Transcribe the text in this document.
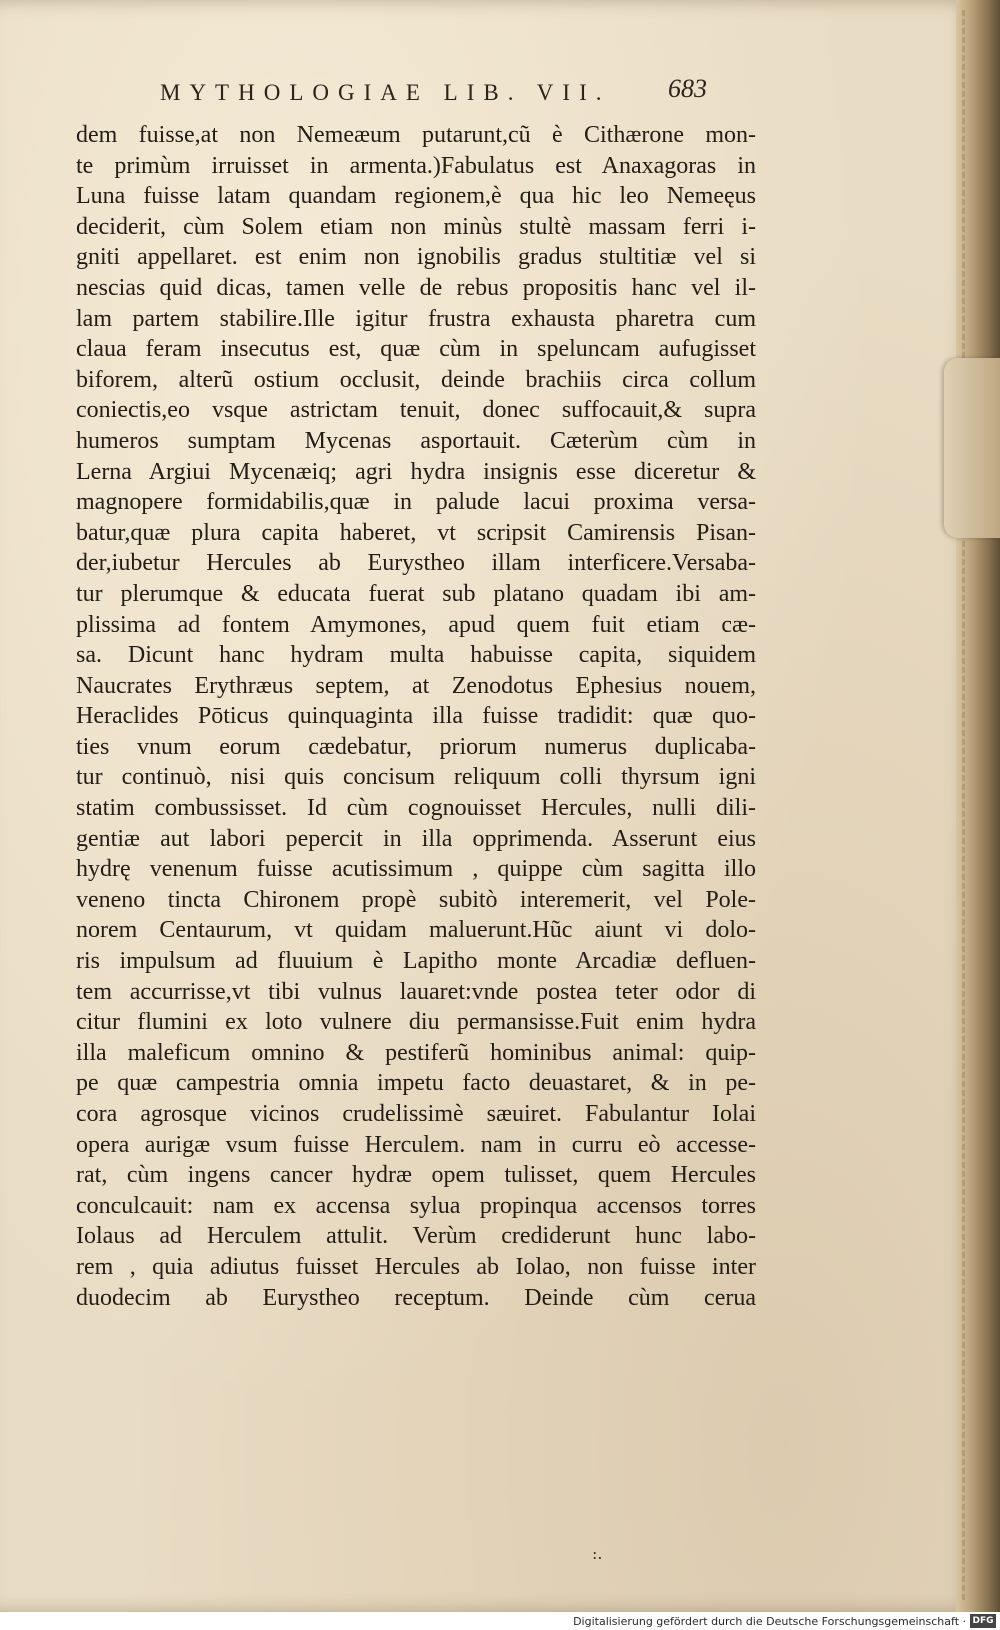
MYTHOLOGIAE LIB. VII. 683
dem fuisse,at non Nemeæum putarunt,cũ è Cithærone mon-
te primùm irruisset in armenta.)Fabulatus est Anaxagoras in
Luna fuisse latam quandam regionem,è qua hic leo Nemeęus
deciderit, cùm Solem etiam non minùs stultè massam ferri i-
gniti appellaret. est enim non ignobilis gradus stultitiæ vel si
nescias quid dicas, tamen velle de rebus propositis hanc vel il-
lam partem stabilire.Ille igitur frustra exhausta pharetra cum
claua feram insecutus est, quæ cùm in speluncam aufugisset
biforem, alterũ ostium occlusit, deinde brachiis circa collum
coniectis,eo vsque astrictam tenuit, donec suffocauit,& supra
humeros sumptam Mycenas asportauit. Cæterùm cùm in
Lerna Argiui Mycenæiq; agri hydra insignis esse diceretur &
magnopere formidabilis,quæ in palude lacui proxima versa-
batur,quæ plura capita haberet, vt scripsit Camirensis Pisan-
der,iubetur Hercules ab Eurystheo illam interficere.Versaba-
tur plerumque & educata fuerat sub platano quadam ibi am-
plissima ad fontem Amymones, apud quem fuit etiam cæ-
sa. Dicunt hanc hydram multa habuisse capita, siquidem
Naucrates Erythræus septem, at Zenodotus Ephesius nouem,
Heraclides Pōticus quinquaginta illa fuisse tradidit: quæ quo-
ties vnum eorum cædebatur, priorum numerus duplicaba-
tur continuò, nisi quis concisum reliquum colli thyrsum igni
statim combussisset. Id cùm cognouisset Hercules, nulli dili-
gentiæ aut labori pepercit in illa opprimenda. Asserunt eius
hydrę venenum fuisse acutissimum , quippe cùm sagitta illo
veneno tincta Chironem propè subitò interemerit, vel Pole-
norem Centaurum, vt quidam maluerunt.Hũc aiunt vi dolo-
ris impulsum ad fluuium è Lapitho monte Arcadiæ defluen-
tem accurrisse,vt tibi vulnus lauaret:vnde postea teter odor di
citur flumini ex loto vulnere diu permansisse.Fuit enim hydra
illa maleficum omnino & pestiferũ hominibus animal: quip-
pe quæ campestria omnia impetu facto deuastaret, & in pe-
cora agrosque vicinos crudelissimè sæuiret. Fabulantur Iolai
opera aurigæ vsum fuisse Herculem. nam in curru eò accesse-
rat, cùm ingens cancer hydræ opem tulisset, quem Hercules
conculcauit: nam ex accensa sylua propinqua accensos torres
Iolaus ad Herculem attulit. Verùm crediderunt hunc labo-
rem , quia adiutus fuisset Hercules ab Iolao, non fuisse inter
duodecim ab Eurystheo receptum. Deinde cùm cerua
:.
Digitalisierung gefördert durch die Deutsche Forschungsgemeinschaft · DFG
